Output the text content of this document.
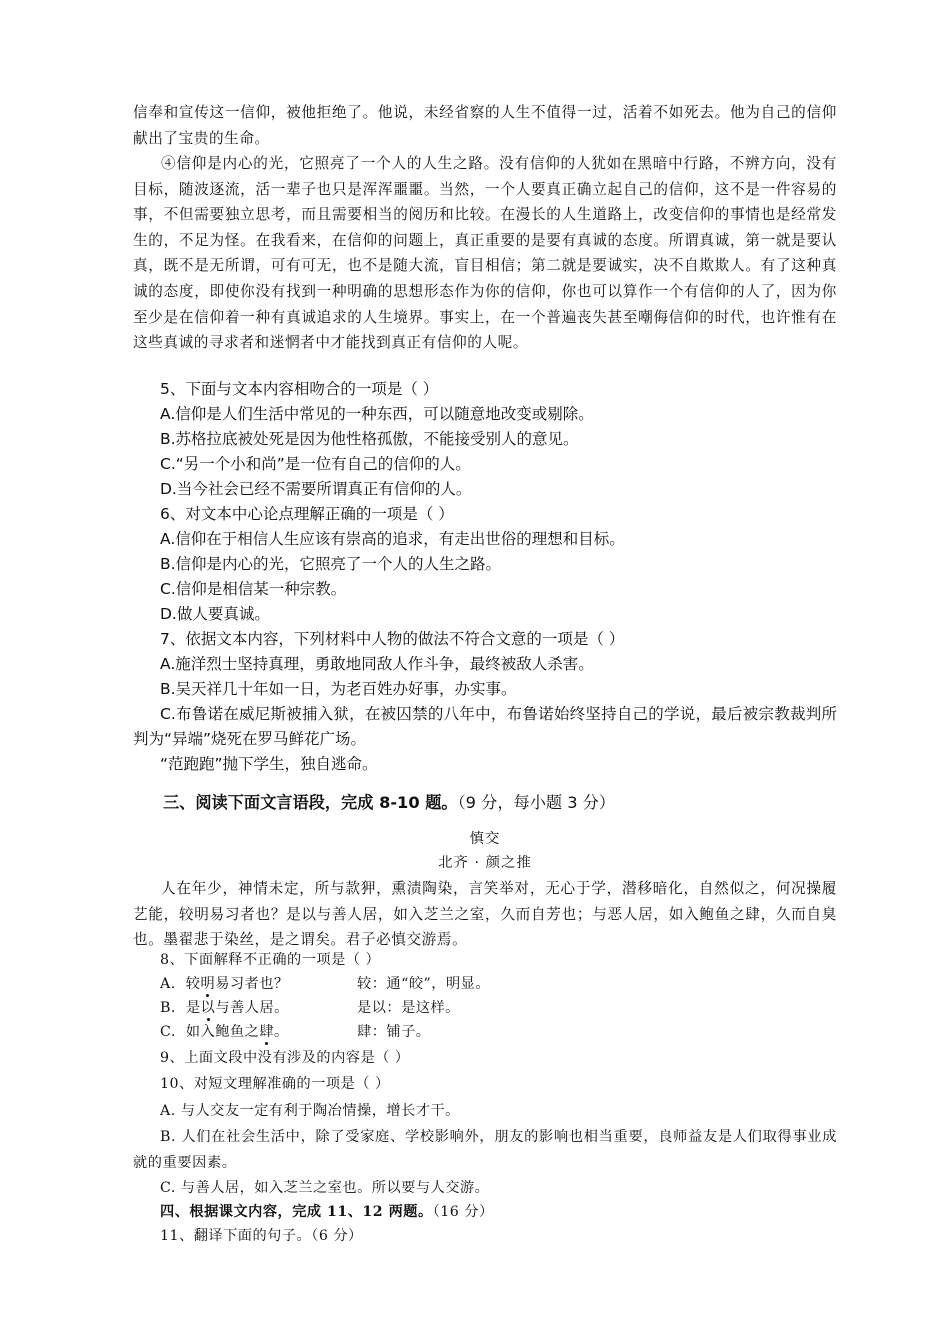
信奉和宣传这一信仰，被他拒绝了。他说，未经省察的人生不值得一过，活着不如死去。他为自己的信仰献出了宝贵的生命。

④信仰是内心的光，它照亮了一个人的人生之路。没有信仰的人犹如在黑暗中行路，不辨方向，没有目标，随波逐流，活一辈子也只是浑浑噩噩。当然，一个人要真正确立起自己的信仰，这不是一件容易的事，不但需要独立思考，而且需要相当的阅历和比较。在漫长的人生道路上，改变信仰的事情也是经常发生的，不足为怪。在我看来，在信仰的问题上，真正重要的是要有真诚的态度。所谓真诚，第一就是要认真，既不是无所谓，可有可无，也不是随大流，盲目相信；第二就是要诚实，决不自欺欺人。有了这种真诚的态度，即使你没有找到一种明确的思想形态作为你的信仰，你也可以算作一个有信仰的人了，因为你至少是在信仰着一种有真诚追求的人生境界。事实上，在一个普遍丧失甚至嘲侮信仰的时代，也许惟有在这些真诚的寻求者和迷惘者中才能找到真正有信仰的人呢。

5、下面与文本内容相吻合的一项是（ ）

A.信仰是人们生活中常见的一种东西，可以随意地改变或剔除。

B.苏格拉底被处死是因为他性格孤傲，不能接受别人的意见。

C.“另一个小和尚”是一位有自己的信仰的人。

D.当今社会已经不需要所谓真正有信仰的人。

6、对文本中心论点理解正确的一项是（ ）

A.信仰在于相信人生应该有崇高的追求，有走出世俗的理想和目标。

B.信仰是内心的光，它照亮了一个人的人生之路。

C.信仰是相信某一种宗教。

D.做人要真诚。

7、依据文本内容，下列材料中人物的做法不符合文意的一项是（ ）

A.施洋烈士坚持真理，勇敢地同敌人作斗争，最终被敌人杀害。

B.吴天祥几十年如一日，为老百姓办好事，办实事。

C.布鲁诺在威尼斯被捕入狱，在被囚禁的八年中，布鲁诺始终坚持自己的学说，最后被宗教裁判所判为“异端”烧死在罗马鲜花广场。

“范跑跑”抛下学生，独自逃命。

三、阅读下面文言语段，完成 8-10 题。（9 分，每小题 3 分）

慎交

北齐 · 颜之推

人在年少，神情未定，所与款狎，熏渍陶染，言笑举对，无心于学，潜移暗化，自然似之，何况操履艺能，较明易习者也？是以与善人居，如入芝兰之室，久而自芳也；与恶人居，如入鲍鱼之肆，久而自臭也。墨翟悲于染丝，是之谓矣。君子必慎交游焉。

8、下面解释不正确的一项是（ ）

A. 较明易习者也？	较：通“皎”，明显。

B. 是以与善人居。	是以：是这样。

C. 如入鲍鱼之肆。	肆：铺子。

9、上面文段中没有涉及的内容是（ ）

10、对短文理解准确的一项是（ ）

A. 与人交友一定有利于陶冶情操，增长才干。

B. 人们在社会生活中，除了受家庭、学校影响外，朋友的影响也相当重要，良师益友是人们取得事业成就的重要因素。

C. 与善人居，如入芝兰之室也。所以要与人交游。

四、根据课文内容，完成 11、12 两题。（16 分）

11、翻译下面的句子。（6 分）
